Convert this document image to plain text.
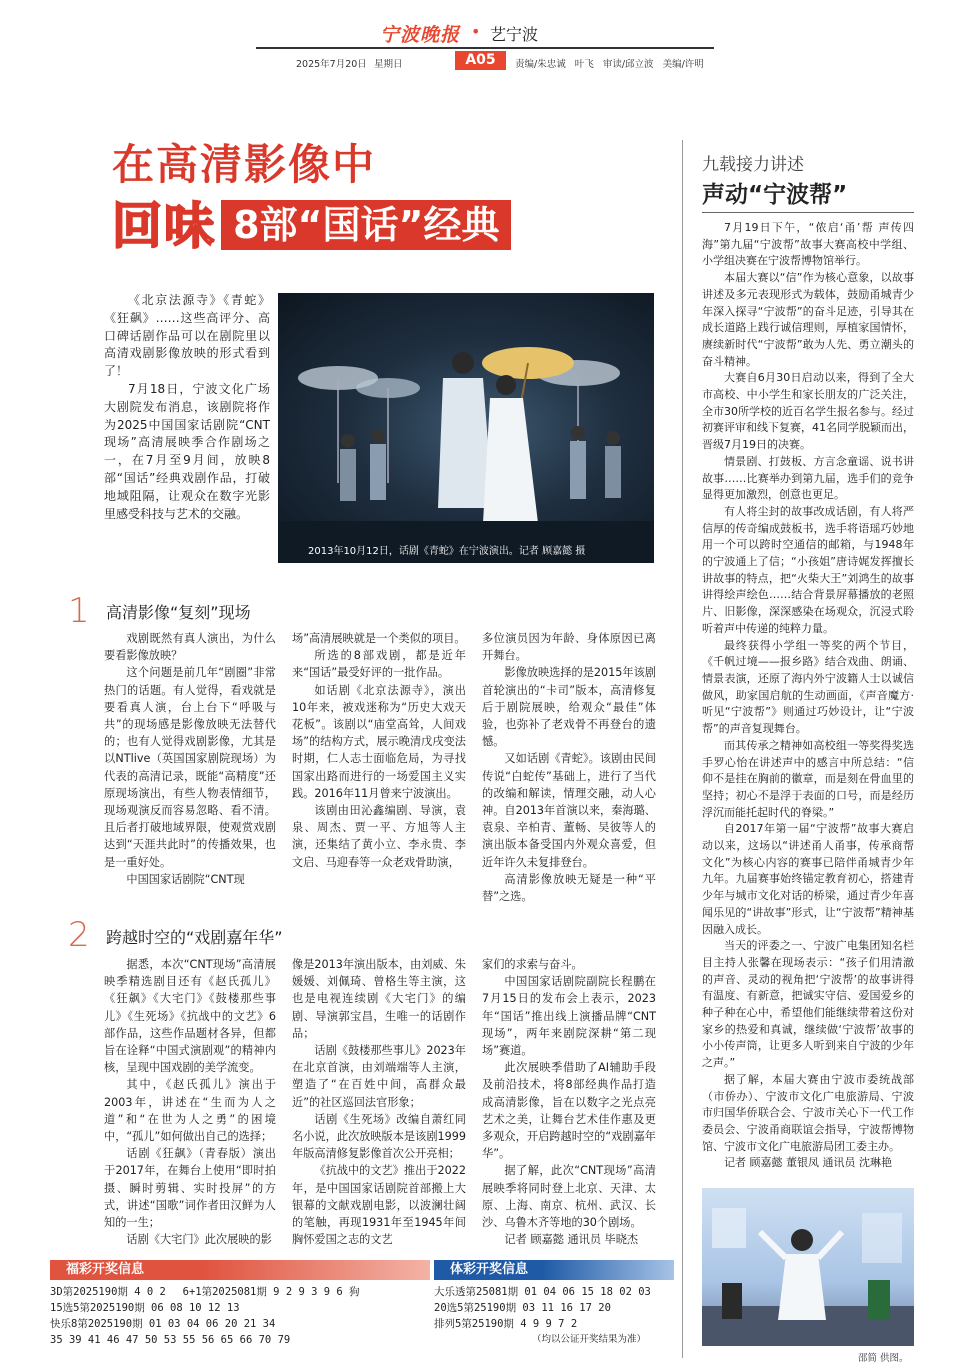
宁波晚报 • 艺宁波
2025年7月20日 星期日	A05	责编/朱忠诚 叶飞 审读/邱立波 美编/许明
在高清影像中
回味 8部“国话”经典

《北京法源寺》《青蛇》《狂飙》……这些高评分、高口碑话剧作品可以在剧院里以高清戏剧影像放映的形式看到了！

7月18日，宁波文化广场大剧院发布消息，该剧院将作为2025中国国家话剧院“CNT现场”高清展映季合作剧场之一，在7月至9月间，放映8部“国话”经典戏剧作品，打破地域阻隔，让观众在数字光影里感受科技与艺术的交融。

2013年10月12日，话剧《青蛇》在宁波演出。记者 顾嘉懿 摄
1 高清影像“复刻”现场

戏剧既然有真人演出，为什么要看影像放映？

这个问题是前几年“剧圈”非常热门的话题。有人觉得，看戏就是要看真人演，台上台下“呼吸与共”的现场感是影像放映无法替代的；也有人觉得戏剧影像，尤其是以NTlive（英国国家剧院现场）为代表的高清记录，既能“高精度”还原现场演出，有些人物表情细节，现场观演反而容易忽略、看不清。且后者打破地域界限，使观赏戏剧达到“天涯共此时”的传播效果，也是一重好处。

中国国家话剧院“CNT现

场”高清展映就是一个类似的项目。

所选的8部戏剧，都是近年来“国话”最受好评的一批作品。

如话剧《北京法源寺》，演出10年来，被戏迷称为“历史大戏天花板”。该剧以“庙堂高耸，人间戏场”的结构方式，展示晚清戊戌变法时期，仁人志士面临危局，为寻找国家出路而进行的一场爱国主义实践。2016年11月曾来宁波演出。

该剧由田沁鑫编剧、导演，袁泉、周杰、贾一平、方旭等人主演，还集结了黄小立、李永贵、李文启、马迎春等一众老戏骨助演，

多位演员因为年龄、身体原因已离开舞台。

影像放映选择的是2015年该剧首轮演出的“卡司”版本，高清修复后于剧院展映，给观众“最佳”体验，也弥补了老戏骨不再登台的遗憾。

又如话剧《青蛇》。该剧由民间传说“白蛇传”基础上，进行了当代的改编和解读，情理交融，动人心神。自2013年首演以来，秦海璐、袁泉、辛柏青、董畅、吴彼等人的演出版本备受国内外观众喜爱，但近年许久未复排登台。

高清影像放映无疑是一种“平替”之选。

2 跨越时空的“戏剧嘉年华”

据悉，本次“CNT现场”高清展映季精选剧目还有《赵氏孤儿》《狂飙》《大宅门》《鼓楼那些事儿》《生死场》《抗战中的文艺》6部作品，这些作品题材各异，但都旨在诠释“中国式演剧观”的精神内核，呈现中国戏剧的美学流变。

其中，《赵氏孤儿》演出于2003年，讲述在“生而为人之道”和“在世为人之勇”的困境中，“孤儿”如何做出自己的选择；

话剧《狂飙》（青春版）演出于2017年，在舞台上使用“即时拍摄、瞬时剪辑、实时投屏”的方式，讲述“国歌”词作者田汉鲜为人知的一生；

话剧《大宅门》此次展映的影

像是2013年演出版本，由刘威、朱媛媛、刘佩琦、曾格生等主演，这也是电视连续剧《大宅门》的编剧、导演郭宝昌，生唯一的话剧作品；

话剧《鼓楼那些事儿》2023年在北京首演，由刘端端等人主演，塑造了“在百姓中间，高群众最近”的社区巡回法官形象；

话剧《生死场》改编自萧红同名小说，此次放映版本是该剧1999年版高清修复影像首次公开亮相；

《抗战中的文艺》推出于2022年，是中国国家话剧院首部搬上大银幕的文献戏剧电影，以波澜壮阔的笔触，再现1931年至1945年间胸怀爱国之志的文艺

家们的求索与奋斗。

中国国家话剧院副院长程鹏在7月15日的发布会上表示，2023年“国话”推出线上演播品牌“CNT现场”，两年来剧院深耕“第二现场”赛道。

此次展映季借助了AI辅助手段及前沿技术，将8部经典作品打造成高清影像，旨在以数字之光点亮艺术之美，让舞台艺术佳作惠及更多观众，开启跨越时空的“戏剧嘉年华”。

据了解，此次“CNT现场”高清展映季将同时登上北京、天津、太原、上海、南京、杭州、武汉、长沙、乌鲁木齐等地的30个剧场。

记者 顾嘉懿 通讯员 毕晓杰

九载接力讲述
声动“宁波帮”

7月19日下午，“侬启‘甬’帮 声传四海”第九届“宁波帮”故事大赛高校中学组、小学组决赛在宁波帮博物馆举行。

本届大赛以“信”作为核心意象，以故事讲述及多元表现形式为载体，鼓励甬城青少年深入探寻“宁波帮”的奋斗足迹，引导其在成长道路上践行诚信理则，厚植家国情怀，赓续新时代“宁波帮”敢为人先、勇立潮头的奋斗精神。

大赛自6月30日启动以来，得到了全大市高校、中小学生和家长朋友的广泛关注，全市30所学校的近百名学生报名参与。经过初赛评审和线下复赛，41名同学脱颖而出，晋级7月19日的决赛。

情景剧、打鼓板、方言念童谣、说书讲故事……比赛举办到第九届，选手们的竞争显得更加激烈，创意也更足。

有人将尘封的故事改成话剧，有人将严信厚的传奇编成鼓板书，选手将语瑶巧妙地用一个可以跨时空通信的邮箱，与1948年的宁波通上了信；“小孩姐”唐诗娓发挥擅长讲故事的特点，把“火柴大王”刘鸿生的故事讲得绘声绘色……结合背景屏幕播放的老照片、旧影像，深深感染在场观众，沉浸式聆听着声中传递的纯粹力量。

最终获得小学组一等奖的两个节目，《千帆过境——报乡路》结合戏曲、朗诵、情景表演，还原了海内外宁波籍人士以诚信做风，助家国启航的生动画面，《声音魔方·听见“宁波帮”》则通过巧妙设计，让“宁波帮”的声音复现舞台。

而其传承之精神如高校组一等奖得奖选手罗心怡在讲述声中的感言中所总结：“信仰不是挂在胸前的徽章，而是刻在骨血里的坚持；初心不是浮于表面的口号，而是经历浮沉而能托起时代的脊梁。”

自2017年第一届“宁波帮”故事大赛启动以来，这场以“讲述甬人甬事，传承商帮文化”为核心内容的赛事已陪伴甬城青少年九年。九届赛事始终锚定教育初心，搭建青少年与城市文化对话的桥梁，通过青少年喜闻乐见的“讲故事”形式，让“宁波帮”精神基因融入成长。

当天的评委之一、宁波广电集团知名栏目主持人张馨在现场表示：“孩子们用清澈的声音、灵动的视角把‘宁波帮’的故事讲得有温度、有新意，把诚实守信、爱国爱乡的种子种在心中，希望他们能继续带着这份对家乡的热爱和真诚，继续做‘宁波帮’故事的小小传声筒，让更多人听到来自宁波的少年之声。”

据了解，本届大赛由宁波市委统战部（市侨办）、宁波市文化广电旅游局、宁波市归国华侨联合会、宁波市关心下一代工作委员会、宁波甬商联谊会指导，宁波帮博物馆、宁波市文化广电旅游局团工委主办。

记者 顾嘉懿 董银凤 通讯员 沈琳艳

邵简 供图。
福彩开奖信息
3D第2025190期 4 0 2　 6+1第2025081期 9 2 9 3 9 6 狗
15选5第2025190期 06 08 10 12 13
快乐8第2025190期 01 03 04 06 20 21 34
35 39 41 46 47 50 53 55 56 65 66 70 79
体彩开奖信息
大乐透第25081期 01 04 06 15 18 02 03
20选5第25190期 03 11 16 17 20
排列5第25190期 4 9 9 7 2
（均以公证开奖结果为准）
